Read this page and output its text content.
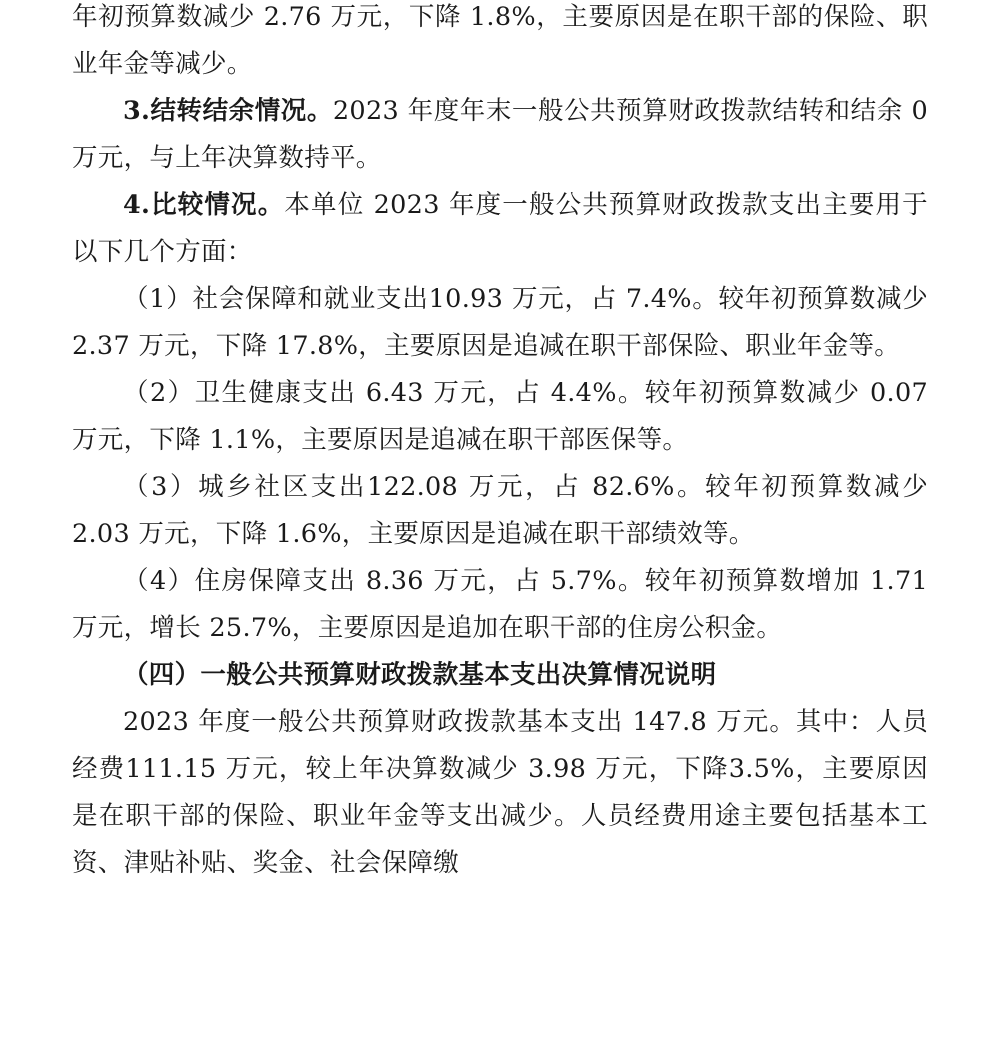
年初预算数减少 2.76 万元，下降 1.8%，主要原因是在职干部的保险、职业年金等减少。

3.结转结余情况。2023 年度年末一般公共预算财政拨款结转和结余 0 万元，与上年决算数持平。

4.比较情况。本单位 2023 年度一般公共预算财政拨款支出主要用于以下几个方面：

（1）社会保障和就业支出10.93 万元，占 7.4%。较年初预算数减少 2.37 万元，下降 17.8%，主要原因是追减在职干部保险、职业年金等。

（2）卫生健康支出 6.43 万元，占 4.4%。较年初预算数减少 0.07 万元，下降 1.1%，主要原因是追减在职干部医保等。

（3）城乡社区支出122.08 万元，占 82.6%。较年初预算数减少 2.03 万元，下降 1.6%，主要原因是追减在职干部绩效等。

（4）住房保障支出 8.36 万元，占 5.7%。较年初预算数增加 1.71 万元，增长 25.7%，主要原因是追加在职干部的住房公积金。

（四）一般公共预算财政拨款基本支出决算情况说明

2023 年度一般公共预算财政拨款基本支出 147.8 万元。其中：人员经费111.15 万元，较上年决算数减少 3.98 万元，下降3.5%，主要原因是在职干部的保险、职业年金等支出减少。人员经费用途主要包括基本工资、津贴补贴、奖金、社会保障缴
